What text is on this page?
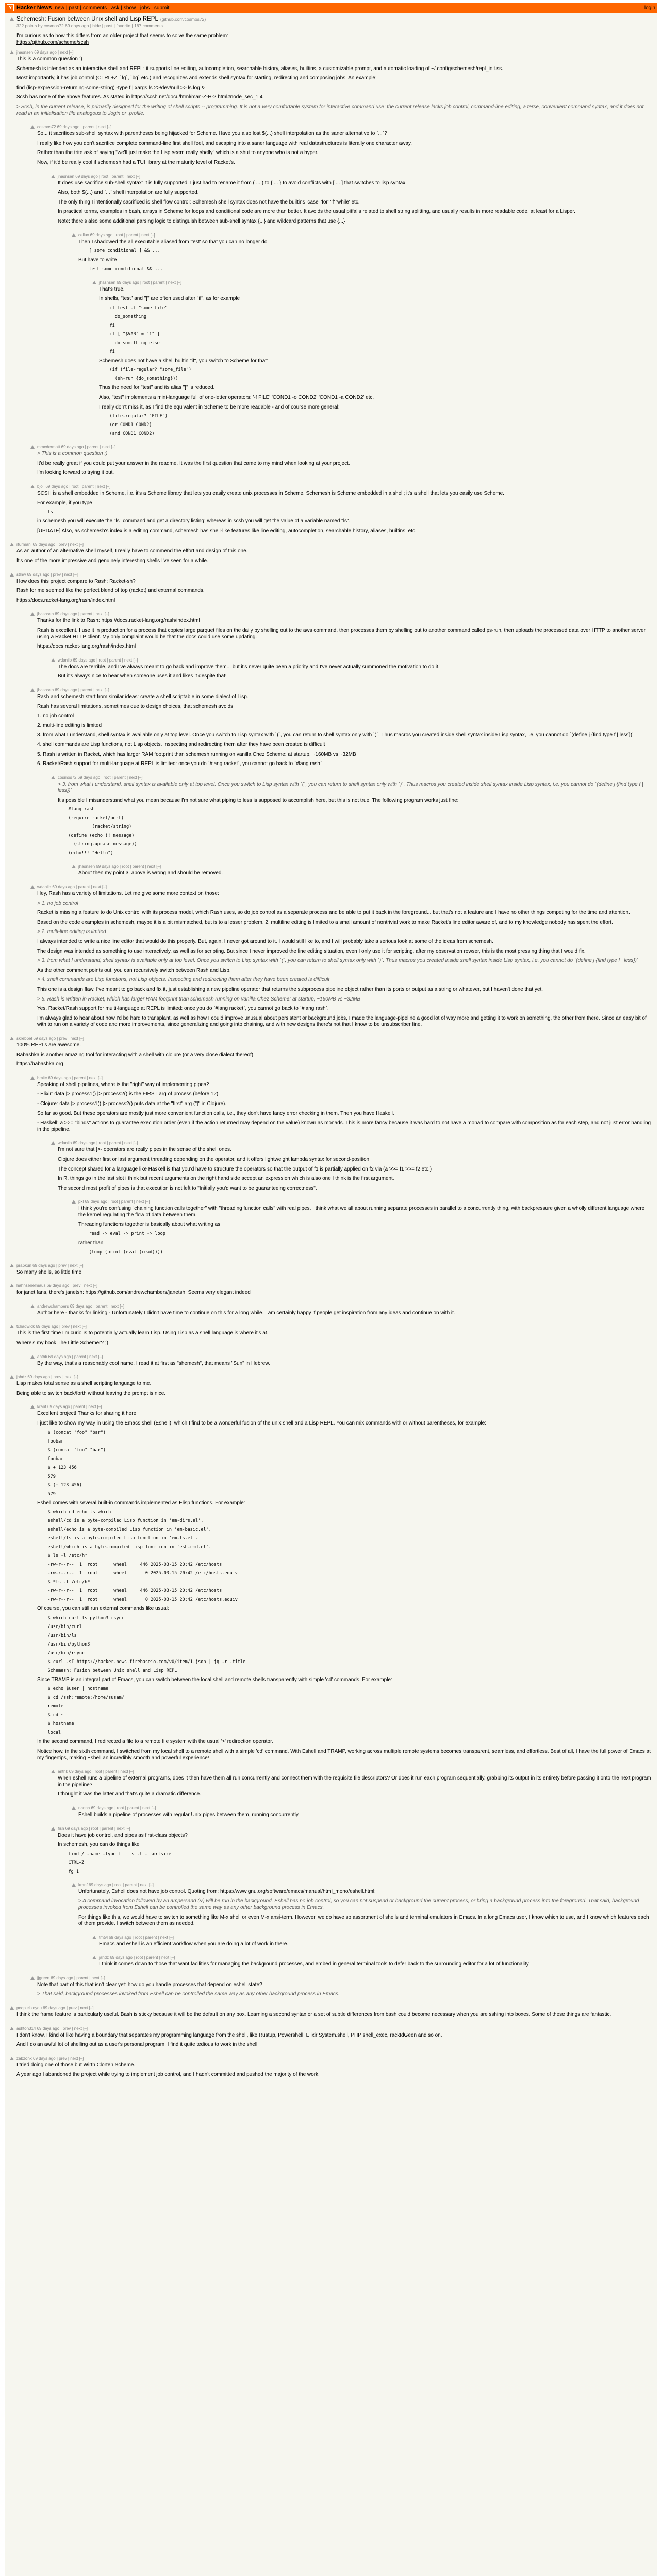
Y Hacker News new | past | comments | ask | show | jobs | submit	login
Schemesh: Fusion between Unix shell and Lisp REPL (github.com/cosmos72)
322 points by cosmos72 69 days ago | hide | past | favorite | 167 comments
I'm curious as to how this differs from an older project that seems to solve the same problem:
https://github.com/scheme/scsh
jhasnsen 69 days ago | next [–]

This is a common question :)

Schemesh is intended as an interactive shell and REPL: it supports line editing, autocompletion, searchable history, aliases, builtins, a customizable prompt, and automatic loading of ~/.config/schemesh/repl_init.ss.

Most importantly, it has job control (CTRL+Z, `fg`, `bg` etc.) and recognizes and extends shell syntax for starting, redirecting and composing jobs. An example:

find (lisp-expression-returning-some-string) -type f | xargs ls 2>/dev/null >> ls.log &

Scsh has none of the above features. As stated in https://scsh.net/docu/html/man-Z-H-2.html#node_sec_1.4

> Scsh, in the current release, is primarily designed for the writing of shell scripts -- programming. It is not a very comfortable system for interactive command use: the current release lacks job control, command-line editing, a terse, convenient command syntax, and it does not read in an initialisation file analogous to .login or .profile.

cosmos72 69 days ago | parent | next [–]

So... it sacrifices sub-shell syntax with parentheses being hijacked for Scheme. Have you also lost $(...) shell interpolation as the saner alternative to `...`?

I really like how you don't sacrifice complete command-line first shell feel, and escaping into a saner language with real datastructures is literally one character away.

Rather than the trite ask of saying "we'll just make the Lisp seem really shelly" which is a shut to anyone who is not a hyper.

Now, if it'd be really cool if schemesh had a TUI library at the maturity level of Racket's.

jhasnsen 69 days ago | root | parent | next [–]

It does use sacrifice sub-shell syntax: it is fully supported. I just had to rename it from ( ... ) to { ... } to avoid conflicts with [ ... ] that switches to lisp syntax.

Also, both $(...) and `...` shell interpolation are fully supported.

The only thing I intentionally sacrificed is shell flow control: Schemesh shell syntax does not have the builtins 'case' 'for' 'if' 'while' etc.

In practical terms, examples in bash, arrays in Scheme for loops and conditional code are more than better. It avoids the usual pitfalls related to shell string splitting, and usually results in more readable code, at least for a Lisper.

Note: there's also some additional parsing logic to distinguish between sub-shell syntax {...} and wildcard patterns that use {...}

cellux 69 days ago | root | parent | next [–]

Then I shadowed the all executable aliased from 'test' so that you can no longer do

[ some conditional ] && ...

But have to write

test some conditional && ...
jhasnsen 69 days ago | root | parent | next [–]

That's true.

In shells, "test" and "[" are often used after "if", as for example

if test -f "some_file"
do_something
fi
if [ "$VAR" = "1" ]
do_something_else
fi

Schemesh does not have a shell builtin "if", you switch to Scheme for that:

(if (file-regular? "some_file")
(sh-run {do_something}))

Thus the need for "test" and its alias "[" is reduced.

Also, "test" implements a mini-language full of one-letter operators: '-f FILE' 'COND1 -o COND2' 'COND1 -a COND2' etc.

I really don't miss it, as I find the equivalent in Scheme to be more readable - and of course more general:

(file-regular? "FILE")
(or COND1 COND2)
(and COND1 COND2)
mmcdermott 69 days ago | parent | next [–]

> This is a common question :)

It'd be really great if you could put your answer in the readme. It was the first question that came to my mind when looking at your project.

I'm looking forward to trying it out.

bjoli 69 days ago | root | parent | next [–]

SCSH is a shell embedded in Scheme, i.e. it's a Scheme library that lets you easily create unix processes in Scheme. Schemesh is Scheme embedded in a shell; it's a shell that lets you easily use Scheme.

For example, if you type

ls

in schemesh you will execute the "ls" command and get a directory listing: whereas in scsh you will get the value of a variable named "ls".

[UPDATE] Also, as schemesh's index is a editing command, schemesh has shell-like features like line editing, autocompletion, searchable history, aliases, builtins, etc.

rfurmani 69 days ago | prev | next [–]

As an author of an alternative shell myself, I really have to commend the effort and design of this one.

It's one of the more impressive and genuinely interesting shells I've seen for a while.

stlnw 69 days ago | prev | next [–]

How does this project compare to Rash: Racket-sh?

Rash for me seemed like the perfect blend of top (racket) and external commands.

https://docs.racket-lang.org/rash/index.html

jhasnsen 69 days ago | parent | next [–]

Thanks for the link to Rash: https://docs.racket-lang.org/rash/index.html

Rash is excellent. I use it in production for a process that copies large parquet files on the daily by shelling out to the aws command, then processes them by shelling out to another command called ps-run, then uploads the processed data over HTTP to another server using a Racket HTTP client. My only complaint would be that the docs could use some updating.

https://docs.racket-lang.org/rash/index.html

wdanilo 69 days ago | root | parent | next [–]

The docs are terrible, and I've always meant to go back and improve them... but it's never quite been a priority and I've never actually summoned the motivation to do it.

But it's always nice to hear when someone uses it and likes it despite that!

jhasnsen 69 days ago | parent | next [–]

Rash and schemesh start from similar ideas: create a shell scriptable in some dialect of Lisp.

Rash has several limitations, sometimes due to design choices, that schemesh avoids:

1. no job control

2. multi-line editing is limited

3. from what I understand, shell syntax is available only at top level. Once you switch to Lisp syntax with `(`, you can return to shell syntax only with `)`. Thus macros you created inside shell syntax inside Lisp syntax, i.e. you cannot do `(define j {find type f | less})`

4. shell commands are Lisp functions, not Lisp objects. Inspecting and redirecting them after they have been created is difficult

5. Rash is written in Racket, which has larger RAM footprint than schemesh running on vanilla Chez Scheme: at startup, ~160MB vs ~32MB

6. Racket/Rash support for multi-language at REPL is limited: once you do `#lang racket`, you cannot go back to `#lang rash`

cosmos72 69 days ago | root | parent | next [–]

> 3. from what I understand, shell syntax is available only at top level. Once you switch to Lisp syntax with `(`, you can return to shell syntax only with `)`. Thus macros you created inside shell syntax inside Lisp syntax, i.e. you cannot do `(define j {find type f | less})`

It's possible I misunderstand what you mean because I'm not sure what piping to less is supposed to accomplish here, but this is not true. The following program works just fine:

#lang rash
(require racket/port)
(racket/string)
(define (echo!!! message)
(string-upcase message))
(echo!!! "Hello")
jhasnsen 69 days ago | root | parent | next [–]

About then my point 3. above is wrong and should be removed.

wdanilo 69 days ago | parent | next [–]

Hey, Rash has a variety of limitations. Let me give some more context on those:

> 1. no job control

Racket is missing a feature to do Unix control with its process model, which Rash uses, so do job control as a separate process and be able to put it back in the foreground... but that's not a feature and I have no other things competing for the time and attention.

Based on the code examples in schemesh, maybe it is a bit mismatched, but is to a lesser problem. 2. multiline editing is limited to a small amount of nontrivial work to make Racket's line editor aware of, and to my knowledge nobody has spent the effort.

> 2. multi-line editing is limited

I always intended to write a nice line editor that would do this properly. But, again, I never got around to it. I would still like to, and I will probably take a serious look at some of the ideas from schemesh.

The design was intended as something to use interactively, as well as for scripting. But since I never improved the line editing situation, even I only use it for scripting, after my observation rowser, this is the most pressing thing that I would fix.

> 3. from what I understand, shell syntax is available only at top level. Once you switch to Lisp syntax with `(`, you can return to shell syntax only with `)`. Thus macros you created inside shell syntax inside Lisp syntax, i.e. you cannot do `(define j {find type f | less})`

As the other comment points out, you can recursively switch between Rash and Lisp.

> 4. shell commands are Lisp functions, not Lisp objects. Inspecting and redirecting them after they have been created is difficult

This one is a design flaw. I've meant to go back and fix it, just establishing a new pipeline operator that returns the subprocess pipeline object rather than its ports or output as a string or whatever, but I haven't done that yet.

> 5. Rash is written in Racket, which has larger RAM footprint than schemesh running on vanilla Chez Scheme: at startup, ~160MB vs ~32MB

Yes. Racket/Rash support for multi-language at REPL is limited: once you do `#lang racket`, you cannot go back to `#lang rash`.

I'm always glad to hear about how I'd be hard to transplant, as well as how I could improve unusual about persistent or background jobs, I made the language-pipeline a good lot of way more and getting it to work on something, the other from there. Since an easy bit of with to run on a variety of code and more improvements, since generalizing and going into chaining, and with new designs there's not that I know to be unsubscriber fine.

skrebbel 69 days ago | prev | next [–]

100% REPLs are awesome.

Babashka is another amazing tool for interacting with a shell with clojure (or a very close dialect thereof):

https://babashka.org

bmitc 69 days ago | parent | next [–]

Speaking of shell pipelines, where is the "right" way of implementing pipes?

- Elixir: data |> process1() |> process2() is the FIRST arg of process (before 12).

- Clojure: data |> process1() |> process2() puts data at the "first" arg ("|" in Clojure).

So far so good. But these operators are mostly just more convenient function calls, i.e., they don't have fancy error checking in them. Then you have Haskell.

- Haskell: a >>= "binds" actions to guarantee execution order (even if the action returned may depend on the value) known as monads. This is more fancy because it was hard to not have a monad to compare with composition as for each step, and not just error handling in the pipeline.

wdanilo 69 days ago | root | parent | next [–]

I'm not sure that [>- operators are really pipes in the sense of the shell ones.

Clojure does either first or last argument threading depending on the operator, and it offers lightweight lambda syntax for second-position.

The concept shared for a language like Haskell is that you'd have to structure the operators so that the output of f1 is partially applied on f2 via (a >>= f1 >>= f2 etc.)

In R, things go in the last slot i think but recent arguments on the right hand side accept an expression which is also one I think is the first argument.

The second most profit of pipes is that execution is not left to "Initially you'd want to be guaranteeing correctness".

pxl 69 days ago | root | parent | next [–]

I think you're confusing "chaining function calls together" with "threading function calls" with real pipes. I think what we all about running separate processes in parallel to a concurrently thing, with backpressure given a wholly different language where the kernel regulating the flow of data between them.

Threading functions together is basically about what writing as

read -> eval -> print -> loop

rather than

(loop (print (eval (read))))
prabkun 69 days ago | prev | next [–]

So many shells, so little time.

hahnsenelmaus 69 days ago | prev | next [–]

for janet fans, there's janetsh: https://github.com/andrewchambers/janetsh; Seems very elegant indeed

andrewchambers 69 days ago | parent | next [–]

Author here - thanks for linking - Unfortunately I didn't have time to continue on this for a long while. I am certainly happy if people get inspiration from any ideas and continue on with it.

tchadwick 69 days ago | prev | next [–]

This is the first time I'm curious to potentially actually learn Lisp. Using Lisp as a shell language is where it's at.

Where's my book The Little Schemer? ;)

anthk 69 days ago | parent | next [–]

By the way, that's a reasonably cool name, I read it at first as "shemesh", that means "Sun" in Hebrew.

jahdz 69 days ago | prev | next [–]

Lisp makes total sense as a shell scripting language to me.

Being able to switch back/forth without leaving the prompt is nice.

kranf 69 days ago | parent | next [–]

Excellent project! Thanks for sharing it here!

I just like to show my way in using the Emacs shell (Eshell), which I find to be a wonderful fusion of the unix shell and a Lisp REPL. You can mix commands with or without parentheses, for example:

$ (concat "foo" "bar")
foobar
$ (concat "foo" "bar")
foobar
$ + 123 456
579
$ (+ 123 456)
579

Eshell comes with several built-in commands implemented as Elisp functions. For example:

$ which cd echo ls which
eshell/cd is a byte-compiled Lisp function in 'em-dirs.el'.
eshell/echo is a byte-compiled Lisp function in 'em-basic.el'.
eshell/ls is a byte-compiled Lisp function in 'em-ls.el'.
eshell/which is a byte-compiled Lisp function in 'esh-cmd.el'.
$ ls -l /etc/h*
-rw-r--r--  1  root      wheel     446 2025-03-15 20:42 /etc/hosts
-rw-r--r--  1  root      wheel       0 2025-03-15 20:42 /etc/hosts.equiv
$ *ls -l /etc/h*
-rw-r--r--  1  root      wheel     446 2025-03-15 20:42 /etc/hosts
-rw-r--r--  1  root      wheel       0 2025-03-15 20:42 /etc/hosts.equiv

Of course, you can still run external commands like usual:

$ which curl ls python3 rsync
/usr/bin/curl
/usr/bin/ls
/usr/bin/python3
/usr/bin/rsync
$ curl -sI https://hacker-news.firebaseio.com/v0/item/1.json | jq -r .title
Schemesh: Fusion between Unix shell and Lisp REPL

Since TRAMP is an integral part of Emacs, you can switch between the local shell and remote shells transparently with simple 'cd' commands. For example:

$ echo $user | hostname
$ cd /ssh:remote:/home/susam/
remote
$ cd ~
$ hostname
local

In the second command, I redirected a file to a remote file system with the usual '>' redirection operator.

Notice how, in the sixth command, I switched from my local shell to a remote shell with a simple 'cd' command. With Eshell and TRAMP, working across multiple remote systems becomes transparent, seamless, and effortless. Best of all, I have the full power of Emacs at my fingertips, making Eshell an incredibly smooth and powerful experience!

anthk 69 days ago | root | parent | next [–]

When eshell runs a pipeline of external programs, does it then have them all run concurrently and connect them with the requisite file descriptors? Or does it run each program sequentially, grabbing its output in its entirety before passing it onto the next program in the pipeline?

I thought it was the latter and that's quite a dramatic difference.

nanna 69 days ago | root | parent | next [–]

Eshell builds a pipeline of processes with regular Unix pipes between them, running concurrently.

fish 69 days ago | root | parent | next [–]

Does it have job control, and pipes as first-class objects?

In schemesh, you can do things like

find / -name -type f | ls -l - sortsize
CTRL+Z
fg 1
kranf 69 days ago | root | parent | next [–]

Unfortunately, Eshell does not have job control. Quoting from: https://www.gnu.org/software/emacs/manual/html_mono/eshell.html:

> A command invocation followed by an ampersand (&) will be run in the background. Eshell has no job control, so you can not suspend or background the current process, or bring a background process into the foreground. That said, background processes invoked from Eshell can be controlled the same way as any other background process in Emacs.

For things like this, we would have to switch to something like M-x shell or even M-x ansi-term. However, we do have so assortment of shells and terminal emulators in Emacs. In a long Emacs user, I know which to use, and I know which features each of them provide. I switch between them as needed.

tmtvl 69 days ago | root | parent | next [–]

Emacs and eshell is an efficient workflow when you are doing a lot of work in there.

jahdz 69 days ago | root | parent | next [–]

I think it comes down to those that want facilities for managing the background processes, and embed in general terminal tools to defer back to the surrounding editor for a lot of functionality.

jjgreen 69 days ago | parent | next [–]

Note that part of this that isn't clear yet: how do you handle processes that depend on eshell state?

> That said, background processes invoked from Eshell can be controlled the same way as any other background process in Emacs.

peoplelikeyou 69 days ago | prev | next [–]

I think the frame feature is particularly useful. Bash is sticky because it will be the default on any box. Learning a second syntax or a set of subtle differences from bash could become necessary when you are sshing into boxes. Some of these things are fantastic.

ashton314 69 days ago | prev | next [–]

I don't know, I kind of like having a boundary that separates my programming language from the shell, like Rustup, Powershell, Elixir System.shell, PHP shell_exec, rackIdGeen and so on.

And I do an awful lot of shelling out as a user's personal program, I find it quite tedious to work in the shell.

zabzonk 69 days ago | prev | next [–]

I tried doing one of those but Wirth Clorten Scheme.

A year ago I abandoned the project while trying to implement job control, and I hadn't committed and pushed the majority of the work.
